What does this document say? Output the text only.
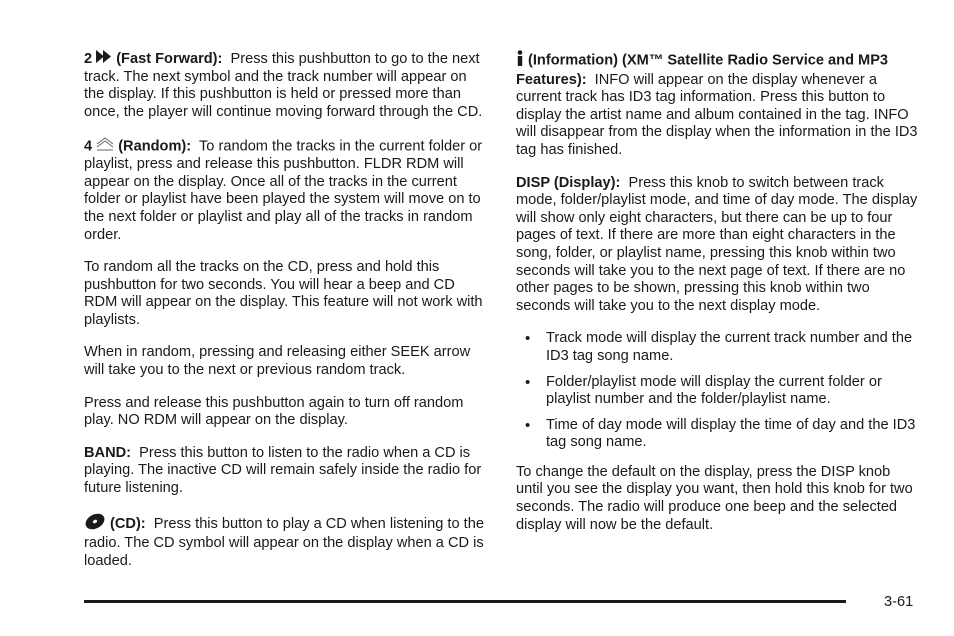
2 (Fast Forward): Press this pushbutton to go to the next track. The next symbol and the track number will appear on the display. If this pushbutton is held or pressed more than once, the player will continue moving forward through the CD.

4 (Random): To random the tracks in the current folder or playlist, press and release this pushbutton. FLDR RDM will appear on the display. Once all of the tracks in the current folder or playlist have been played the system will move on to the next folder or playlist and play all of the tracks in random order.

To random all the tracks on the CD, press and hold this pushbutton for two seconds. You will hear a beep and CD RDM will appear on the display. This feature will not work with playlists.

When in random, pressing and releasing either SEEK arrow will take you to the next or previous random track.

Press and release this pushbutton again to turn off random play. NO RDM will appear on the display.

BAND: Press this button to listen to the radio when a CD is playing. The inactive CD will remain safely inside the radio for future listening.

(CD): Press this button to play a CD when listening to the radio. The CD symbol will appear on the display when a CD is loaded.

(Information) (XM™ Satellite Radio Service and MP3 Features): INFO will appear on the display whenever a current track has ID3 tag information. Press this button to display the artist name and album contained in the tag. INFO will disappear from the display when the information in the ID3 tag has finished.

DISP (Display): Press this knob to switch between track mode, folder/playlist mode, and time of day mode. The display will show only eight characters, but there can be up to four pages of text. If there are more than eight characters in the song, folder, or playlist name, pressing this knob within two seconds will take you to the next page of text. If there are no other pages to be shown, pressing this knob within two seconds will take you to the next display mode.

• Track mode will display the current track number and the ID3 tag song name.
• Folder/playlist mode will display the current folder or playlist number and the folder/playlist name.
• Time of day mode will display the time of day and the ID3 tag song name.

To change the default on the display, press the DISP knob until you see the display you want, then hold this knob for two seconds. The radio will produce one beep and the selected display will now be the default.

3-61
